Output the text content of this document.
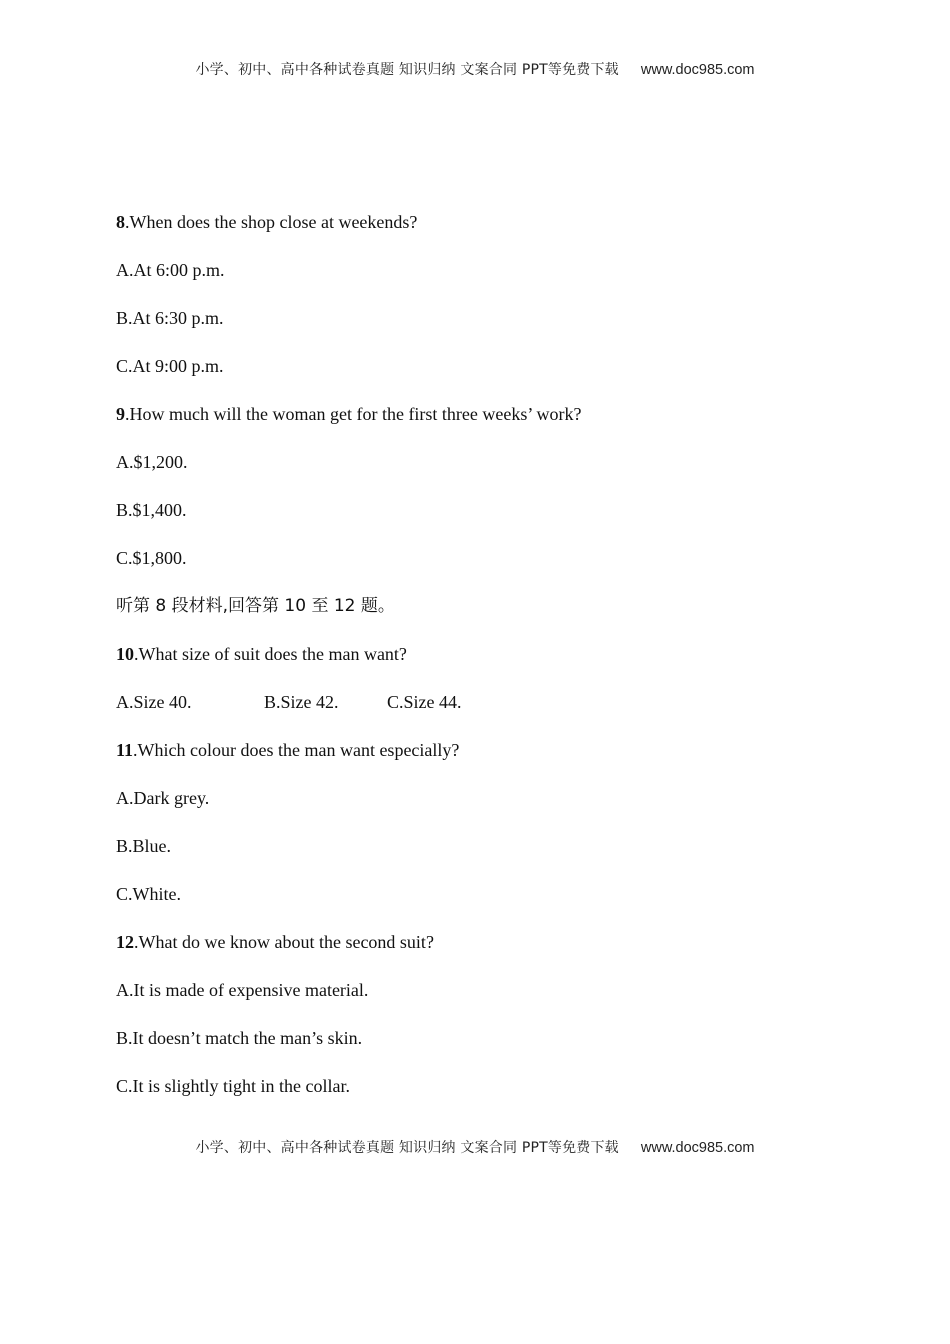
小学、初中、高中各种试卷真题 知识归纳 文案合同 PPT等免费下载 www.doc985.com
8.When does the shop close at weekends?
A.At 6:00 p.m.
B.At 6:30 p.m.
C.At 9:00 p.m.
9.How much will the woman get for the first three weeks’ work?
A.$1,200.
B.$1,400.
C.$1,800.
听第 8 段材料,回答第 10 至 12 题。
10.What size of suit does the man want?
A.Size 40.	B.Size 42.	C.Size 44.
11.Which colour does the man want especially?
A.Dark grey.
B.Blue.
C.White.
12.What do we know about the second suit?
A.It is made of expensive material.
B.It doesn’t match the man’s skin.
C.It is slightly tight in the collar.
小学、初中、高中各种试卷真题 知识归纳 文案合同 PPT等免费下载 www.doc985.com
